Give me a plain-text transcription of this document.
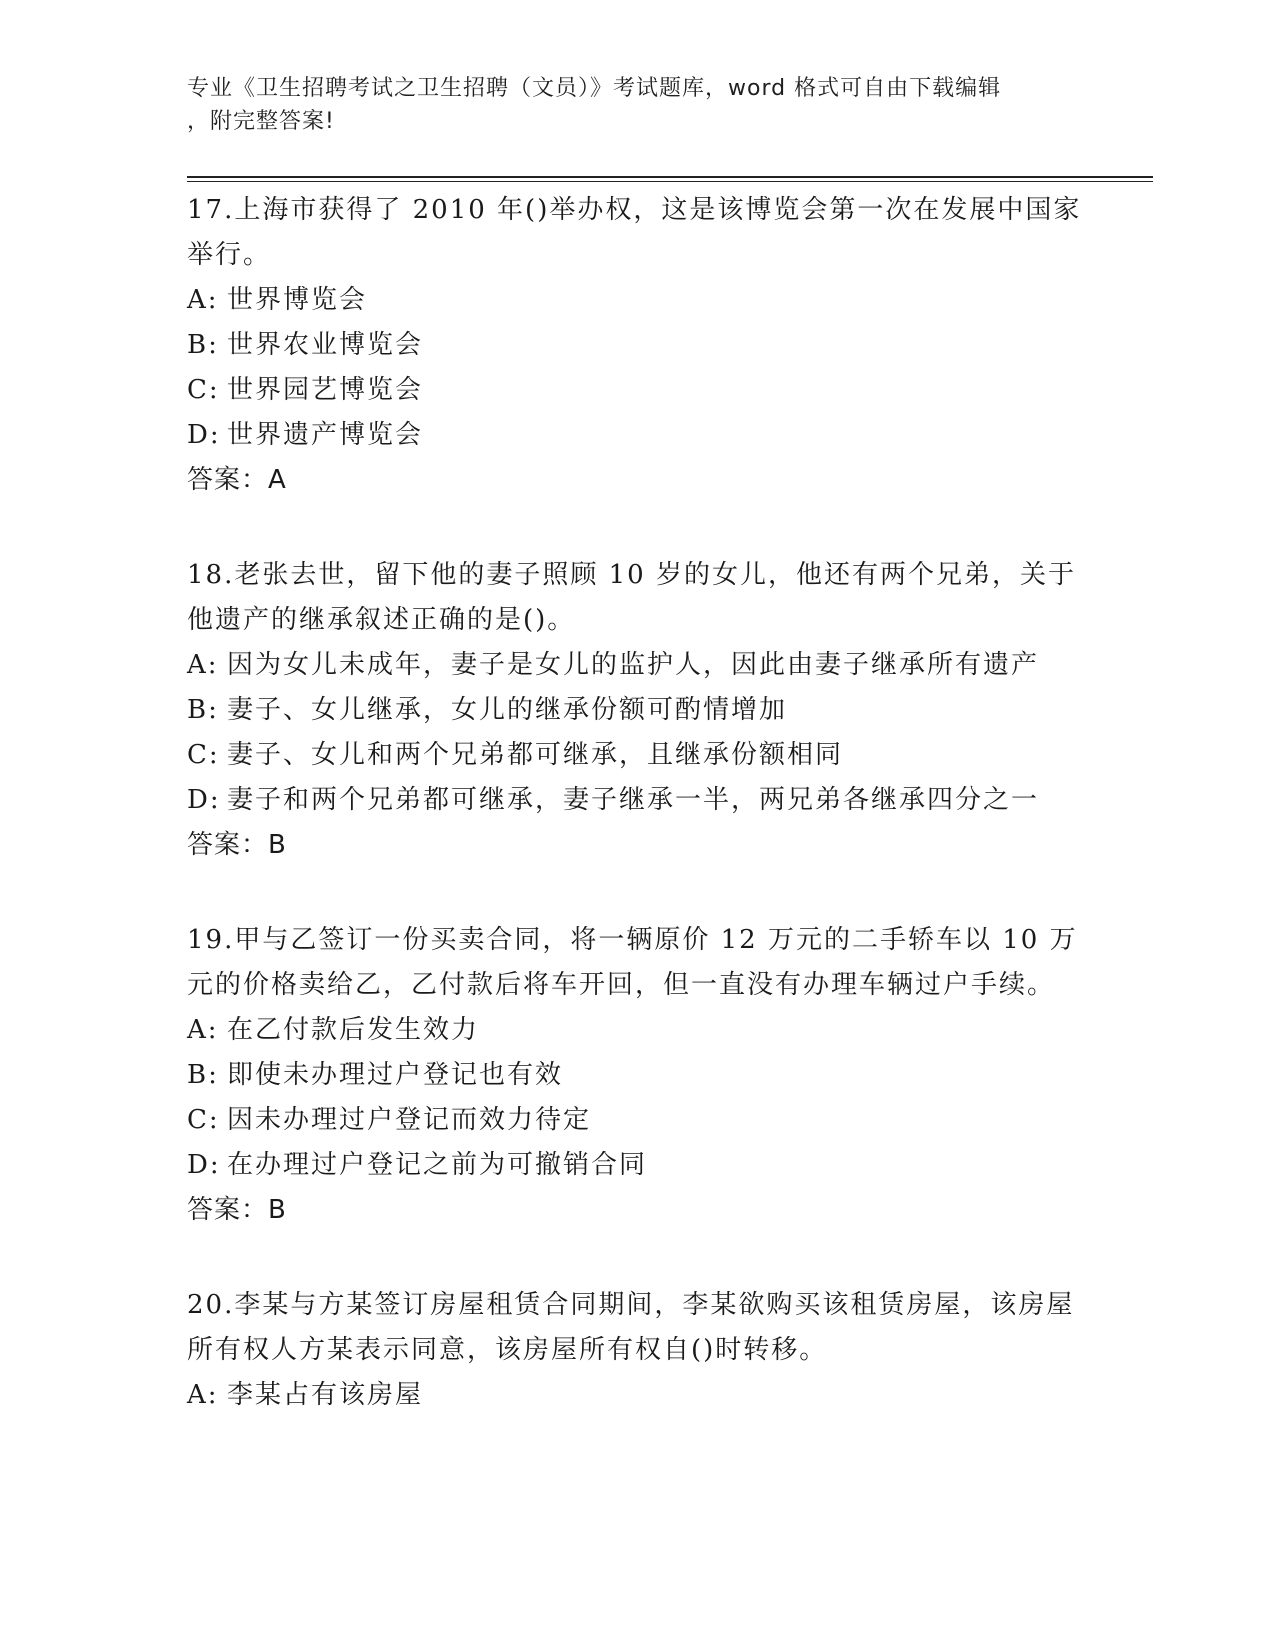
专业《卫生招聘考试之卫生招聘（文员）》考试题库，word 格式可自由下载编辑
，附完整答案!

17.上海市获得了 2010 年()举办权，这是该博览会第一次在发展中国家举行。

A: 世界博览会

B: 世界农业博览会

C: 世界园艺博览会

D: 世界遗产博览会

答案：A

18.老张去世，留下他的妻子照顾 10 岁的女儿，他还有两个兄弟，关于他遗产的继承叙述正确的是()。

A: 因为女儿未成年，妻子是女儿的监护人，因此由妻子继承所有遗产

B: 妻子、女儿继承，女儿的继承份额可酌情增加

C: 妻子、女儿和两个兄弟都可继承，且继承份额相同

D: 妻子和两个兄弟都可继承，妻子继承一半，两兄弟各继承四分之一

答案：B

19.甲与乙签订一份买卖合同，将一辆原价 12 万元的二手轿车以 10 万元的价格卖给乙，乙付款后将车开回，但一直没有办理车辆过户手续。

A: 在乙付款后发生效力

B: 即使未办理过户登记也有效

C: 因未办理过户登记而效力待定

D: 在办理过户登记之前为可撤销合同

答案：B

20.李某与方某签订房屋租赁合同期间，李某欲购买该租赁房屋，该房屋所有权人方某表示同意，该房屋所有权自()时转移。

A: 李某占有该房屋
